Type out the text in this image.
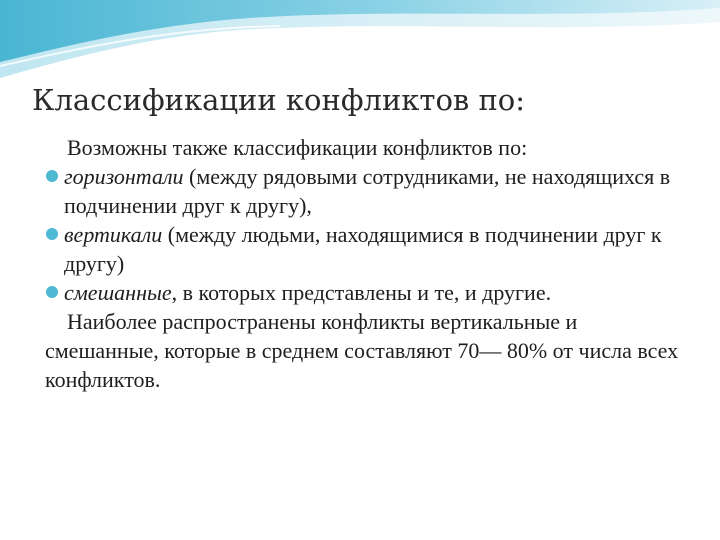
Классификации конфликтов по:

Возможны также классификации конфликтов по:

горизонтали (между рядовыми сотрудниками, не находящихся в подчинении друг к другу),

вертикали (между людьми, находящимися в подчинении друг к другу)

смешанные, в которых представлены и те, и другие.

Наиболее распространены конфликты вертикальные и смешанные, которые в среднем составляют 70— 80% от числа всех конфликтов.
